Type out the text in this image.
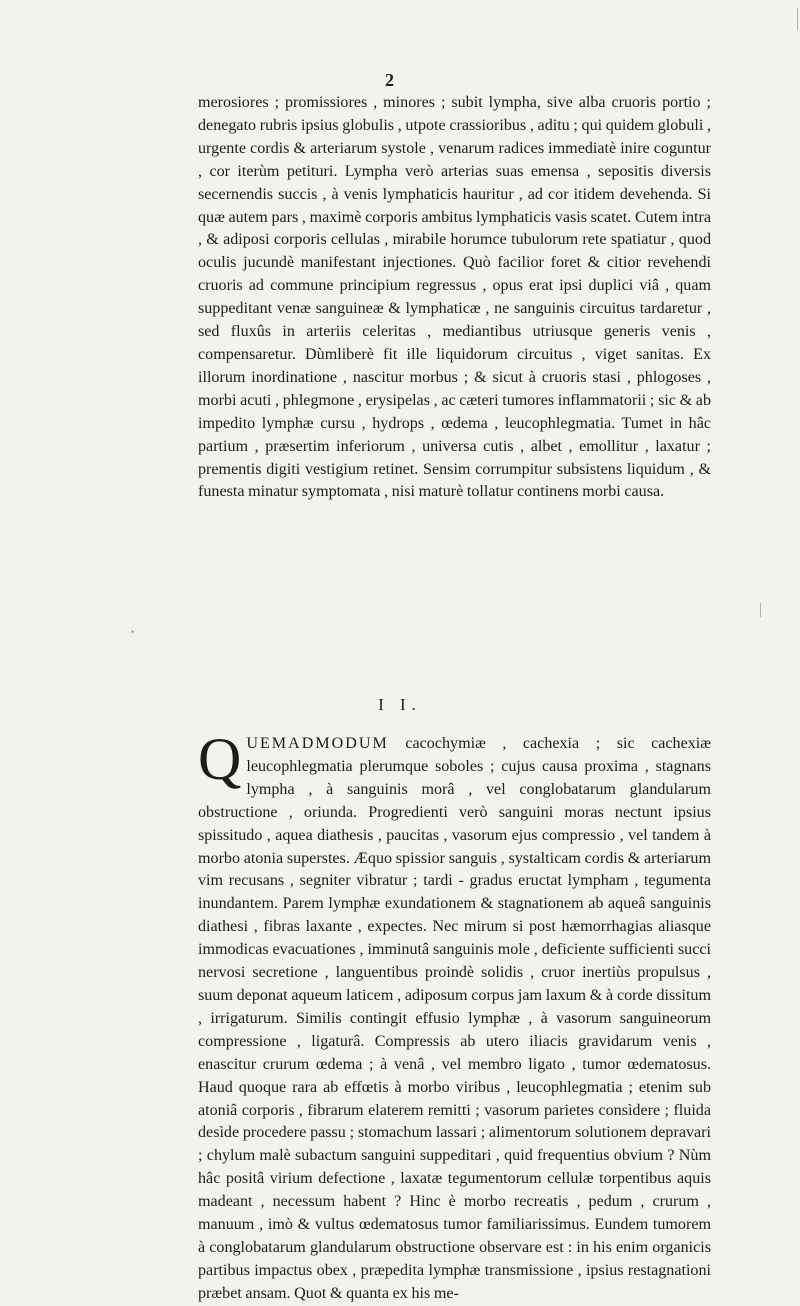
2
merosiores ; promissiores , minores ; subit lympha, sive alba cruoris portio ; denegato rubris ipsius globulis , utpote crassioribus , aditu ; qui quidem globuli , urgente cordis & arteriarum systole , venarum radices immediatè inire coguntur , cor iterùm petituri. Lympha verò arterias suas emensa , sepositis diversis secernendis succis , à venis lymphaticis hauritur , ad cor itidem devehenda. Si quæ autem pars , maximè corporis ambitus lymphaticis vasis scatet. Cutem intra , & adiposi corporis cellulas , mirabile horumce tubulorum rete spatiatur , quod oculis jucundè manifestant injectiones. Quò facilior foret & citior revehendi cruoris ad commune principium regressus , opus erat ipsi duplici viâ , quam suppeditant venæ sanguineæ & lymphaticæ , ne sanguinis circuitus tardaretur , sed fluxûs in arteriis celeritas , mediantibus utriusque generis venis , compensaretur. Dùmliberè fit ille liquidorum circuitus , viget sanitas. Ex illorum inordinatione , nascitur morbus ; & sicut à cruoris stasi , phlogoses , morbi acuti , phlegmone , erysipelas , ac cæteri tumores inflammatorii ; sic & ab impedito lymphæ cursu , hydrops , œdema , leucophlegmatia. Tumet in hâc partium , præsertim inferiorum , universa cutis , albet , emollitur , laxatur ; prementis digiti vestigium retinet. Sensim corrumpitur subsistens liquidum , & funesta minatur symptomata , nisi maturè tollatur continens morbi causa.
I I.
QUEMADMODUM cacochymiæ , cachexia ; sic cachexiæ leucophlegmatia plerumque soboles ; cujus causa proxima , stagnans lympha , à sanguinis morâ , vel conglobatarum glandularum obstructione , oriunda. Progredienti verò sanguini moras nectunt ipsius spissitudo , aquea diathesis , paucitas , vasorum ejus compressio , vel tandem à morbo atonia superstes. Æquo spissior sanguis , systalticam cordis & arteriarum vim recusans , segniter vibratur ; tardi - gradus eructat lympham , tegumenta inundantem. Parem lymphæ exundationem & stagnationem ab aqueâ sanguinis diathesi , fibras laxante , expectes. Nec mirum si post hæmorrhagias aliasque immodicas evacuationes , imminutâ sanguinis mole , deficiente sufficienti succi nervosi secretione , languentibus proindè solidis , cruor inertiùs propulsus , suum deponat aqueum laticem , adiposum corpus jam laxum & à corde dissitum , irrigaturum. Similis contingit effusio lymphæ , à vasorum sanguineorum compressione , ligaturâ. Compressis ab utero iliacis gravidarum venis , enascitur crurum œdema ; à venâ , vel membro ligato , tumor œdematosus. Haud quoque rara ab effœtis à morbo viribus , leucophlegmatia ; etenim sub atoniâ corporis , fibrarum elaterem remitti ; vasorum parietes consìdere ; fluida desìde procedere passu ; stomachum lassari ; alimentorum solutionem depravari ; chylum malè subactum sanguini suppeditari , quid frequentius obvium ? Nùm hâc positâ virium defectione , laxatæ tegumentorum cellulæ torpentibus aquis madeant , necessum habent ? Hinc è morbo recreatis , pedum , crurum , manuum , imò & vultus œdematosus tumor familiarissimus. Eundem tumorem à conglobatarum glandularum obstructione observare est : in his enim organicis partibus impactus obex , præpedita lymphæ transmissione , ipsius restagnationi præbet ansam. Quot & quanta ex his me-
•
